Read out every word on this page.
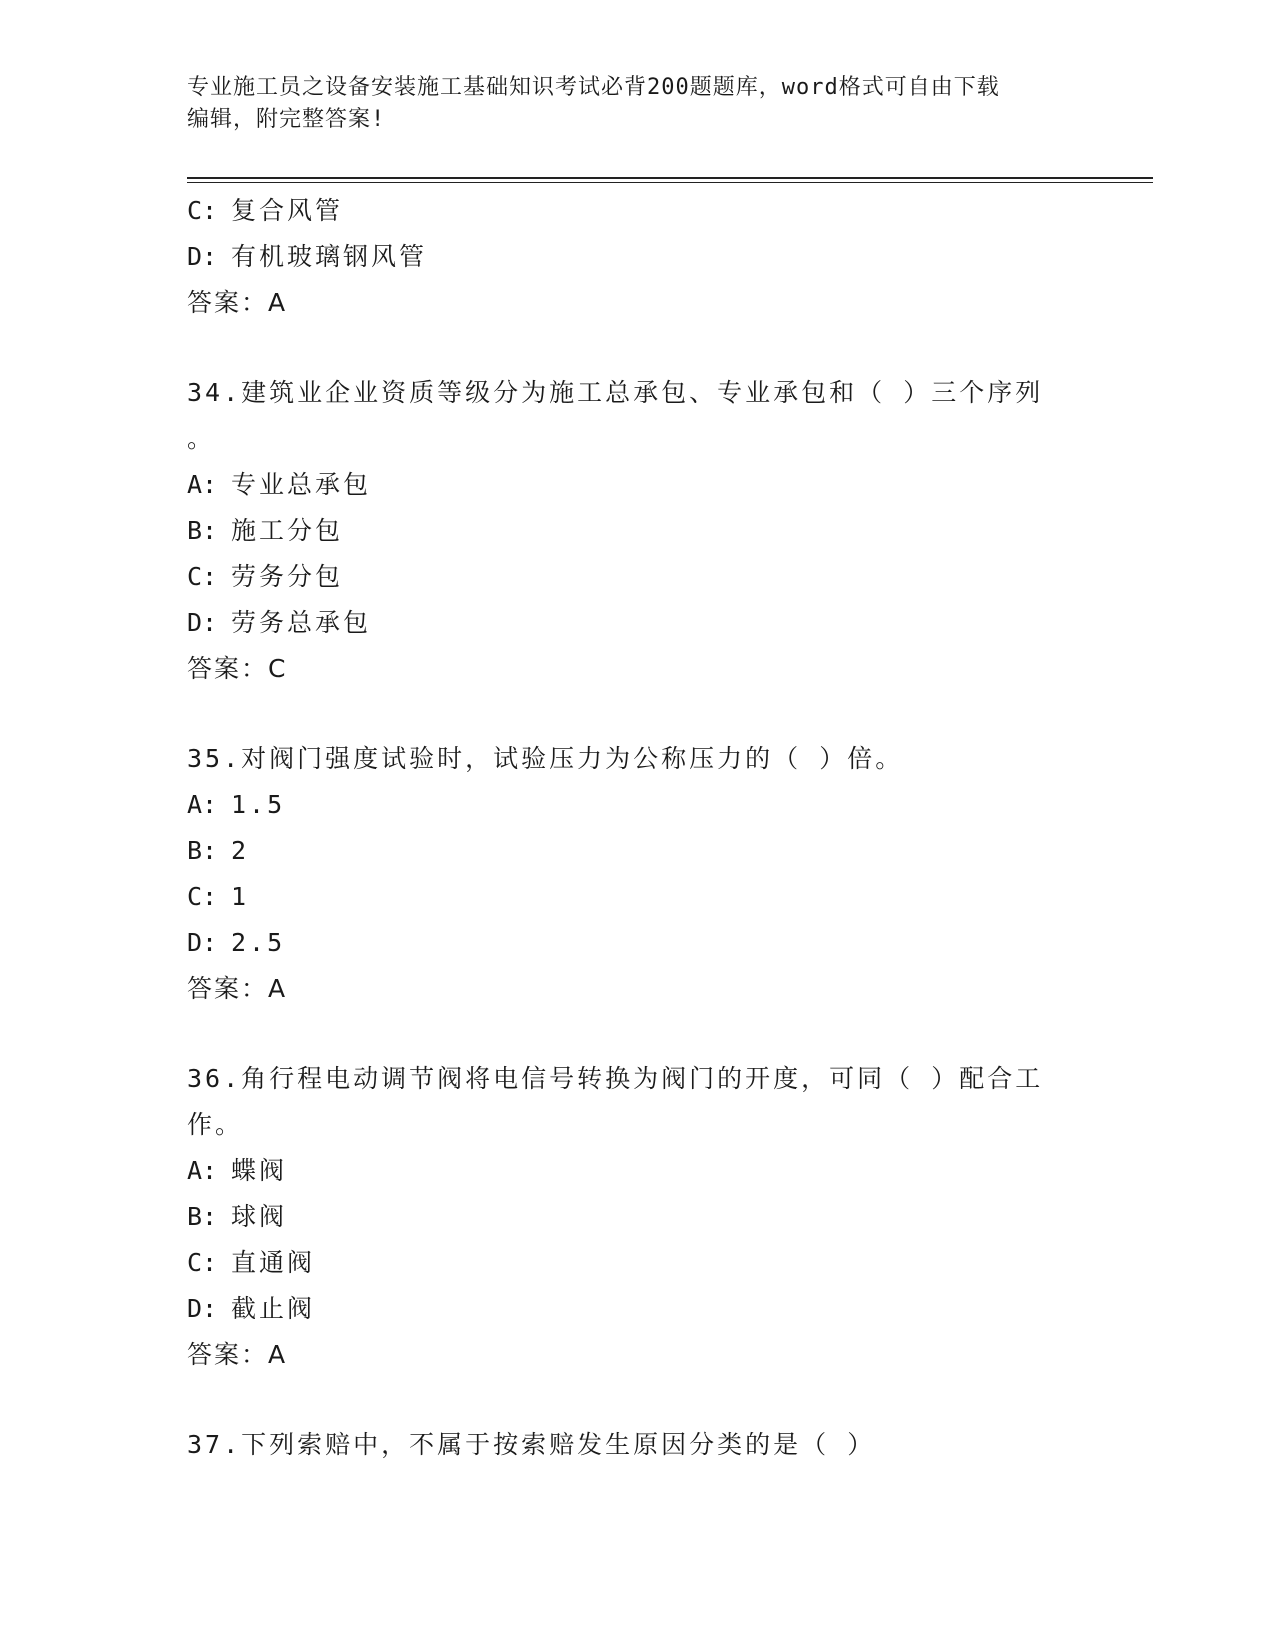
专业施工员之设备安装施工基础知识考试必背200题题库，word格式可自由下载
编辑，附完整答案!
C: 复合风管
D: 有机玻璃钢风管
答案：A
34.建筑业企业资质等级分为施工总承包、专业承包和（ ）三个序列
。
A: 专业总承包
B: 施工分包
C: 劳务分包
D: 劳务总承包
答案：C
35.对阀门强度试验时，试验压力为公称压力的（ ）倍。
A: 1.5
B: 2
C: 1
D: 2.5
答案：A
36.角行程电动调节阀将电信号转换为阀门的开度，可同（ ）配合工
作。
A: 蝶阀
B: 球阀
C: 直通阀
D: 截止阀
答案：A
37.下列索赔中，不属于按索赔发生原因分类的是（ ）
